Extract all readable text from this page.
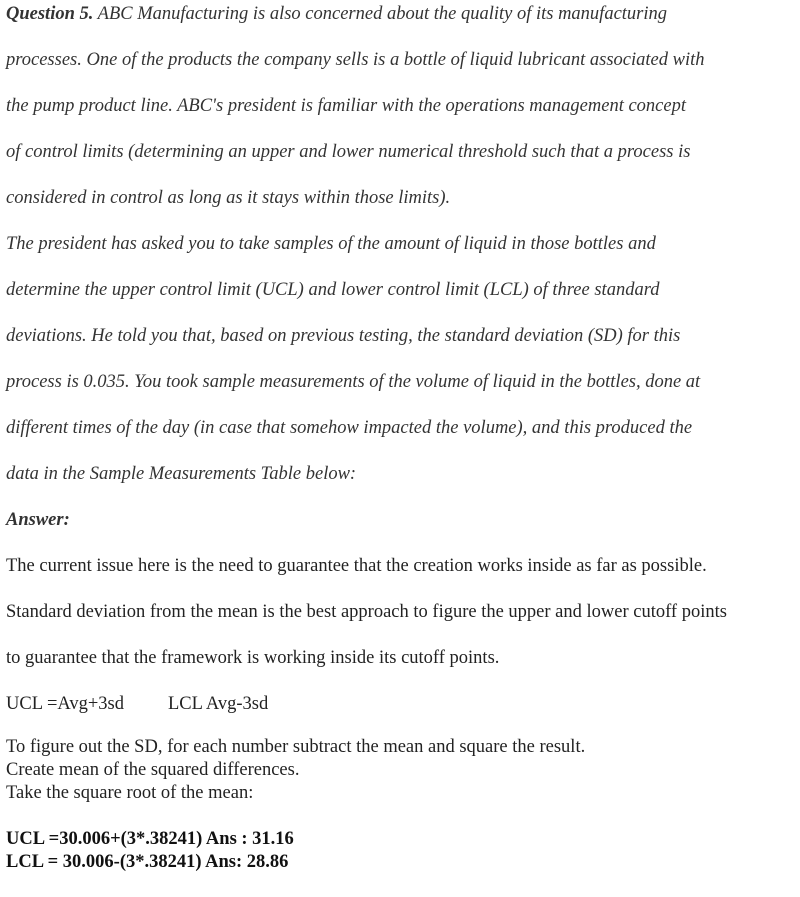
Question 5. ABC Manufacturing is also concerned about the quality of its manufacturing
processes. One of the products the company sells is a bottle of liquid lubricant associated with
the pump product line. ABC's president is familiar with the operations management concept
of control limits (determining an upper and lower numerical threshold such that a process is
considered in control as long as it stays within those limits).
The president has asked you to take samples of the amount of liquid in those bottles and
determine the upper control limit (UCL) and lower control limit (LCL) of three standard
deviations. He told you that, based on previous testing, the standard deviation (SD) for this
process is 0.035. You took sample measurements of the volume of liquid in the bottles, done at
different times of the day (in case that somehow impacted the volume), and this produced the
data in the Sample Measurements Table below:
Answer:
The current issue here is the need to guarantee that the creation works inside as far as possible.
Standard deviation from the mean is the best approach to figure the upper and lower cutoff points
to guarantee that the framework is working inside its cutoff points.
UCL =Avg+3sd LCL Avg-3sd
To figure out the SD, for each number subtract the mean and square the result.
Create mean of the squared differences.
Take the square root of the mean:
UCL =30.006+(3*.38241) Ans : 31.16
LCL = 30.006-(3*.38241) Ans: 28.86
